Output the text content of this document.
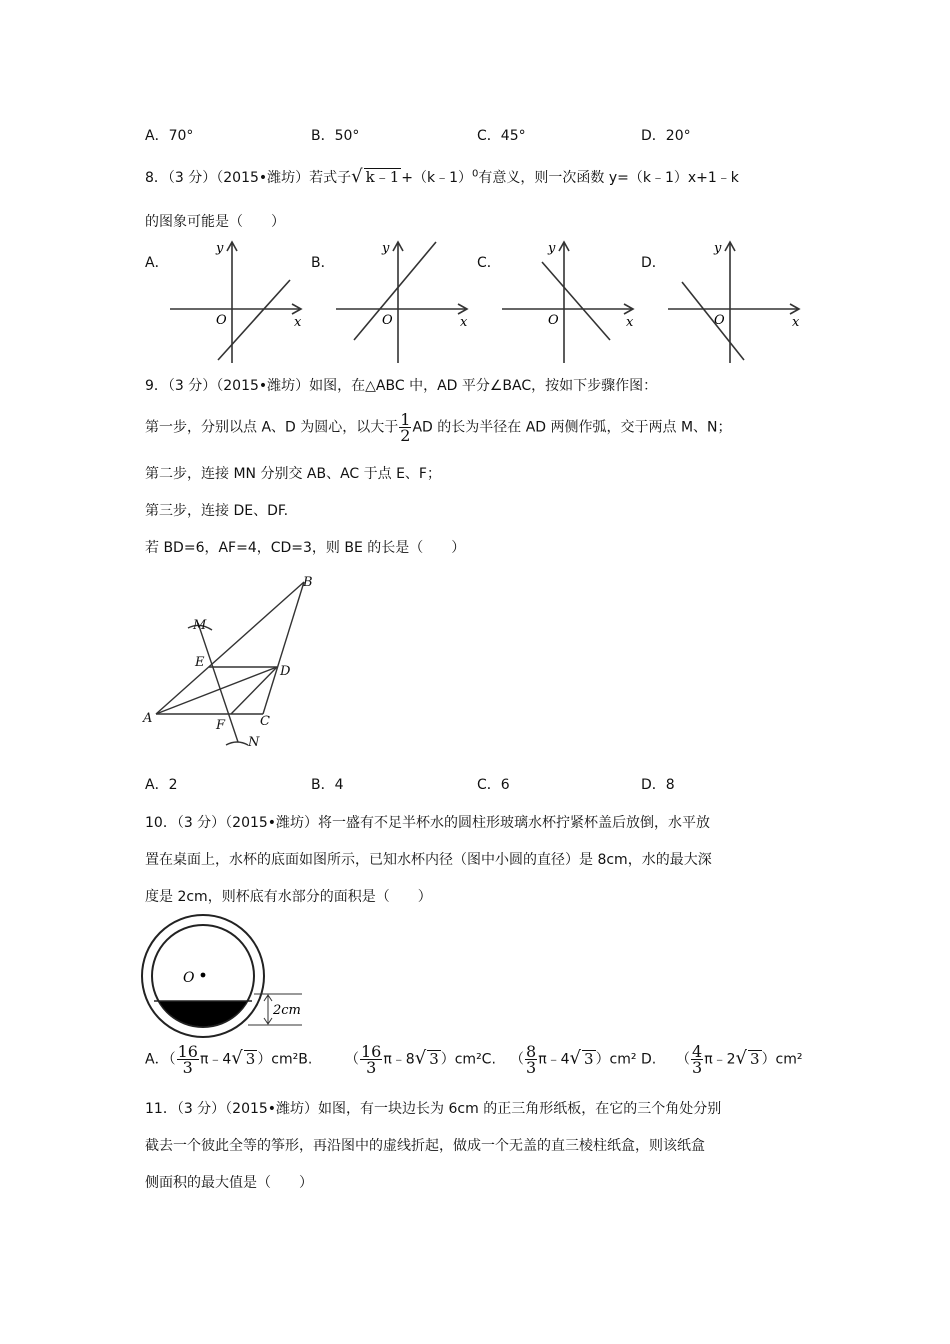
A．70°	B．50°	C．45°	D．20°
8．（3 分）（2015•潍坊）若式子√ k﹣1 +（k﹣1）$^0$有意义，则一次函数 y=（k﹣1）x+1﹣k
的图象可能是（　　）
A．	B．	C．	D．
y
x
O
y
x
O
y
x
O
y
x
O
9．（3 分）（2015•潍坊）如图，在△ABC 中，AD 平分∠BAC，按如下步骤作图：
第一步，分别以点 A、D 为圆心，以大于 $\frac{1}{2}$ AD 的长为半径在 AD 两侧作弧，交于两点 M、N；
第二步，连接 MN 分别交 AB、AC 于点 E、F；
第三步，连接 DE、DF.
若 BD=6，AF=4，CD=3，则 BE 的长是（　　）
B
M
E
D
A	F	C
N
A．2	B．4	C．6	D．8
10．（3 分）（2015•潍坊）将一盛有不足半杯水的圆柱形玻璃水杯拧紧杯盖后放倒，水平放
置在桌面上，水杯的底面如图所示，已知水杯内径（图中小圆的直径）是 8cm，水的最大深
度是 2cm，则杯底有水部分的面积是（　　）
O
2cm
A．（ $\frac{16}{3}$ π﹣4√ 3 ）cm²B. （ $\frac{16}{3}$ π﹣8√ 3 ）cm²C. （ $\frac{8}{3}$ π﹣4√ 3 ）cm² D. （ $\frac{4}{3}$ π﹣2√ 3 ）cm²
11．（3 分）（2015•潍坊）如图，有一块边长为 6cm 的正三角形纸板，在它的三个角处分别
截去一个彼此全等的筝形，再沿图中的虚线折起，做成一个无盖的直三棱柱纸盒，则该纸盒
侧面积的最大值是（　　）
